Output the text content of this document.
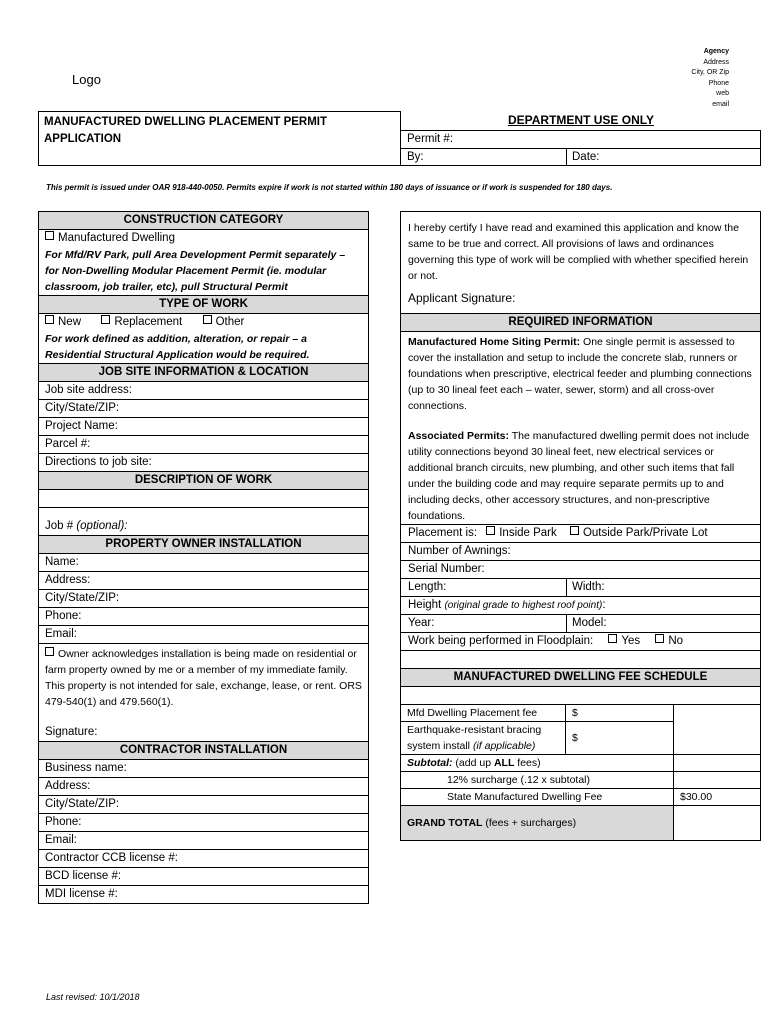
Logo
Agency
Address
City, OR Zip
Phone
web
email
MANUFACTURED DWELLING PLACEMENT PERMIT APPLICATION
DEPARTMENT USE ONLY
Permit #:
By:	Date:
This permit is issued under OAR 918-440-0050. Permits expire if work is not started within 180 days of issuance or if work is suspended for 180 days.
CONSTRUCTION CATEGORY
Manufactured Dwelling
For Mfd/RV Park, pull Area Development Permit separately – for Non-Dwelling Modular Placement Permit (ie. modular classroom, job trailer, etc), pull Structural Permit
TYPE OF WORK
New	Replacement	Other
For work defined as addition, alteration, or repair – a Residential Structural Application would be required.
JOB SITE INFORMATION & LOCATION
Job site address:
City/State/ZIP:
Project Name:
Parcel #:
Directions to job site:
DESCRIPTION OF WORK
Job # (optional):
PROPERTY OWNER INSTALLATION
Name:
Address:
City/State/ZIP:
Phone:
Email:
Owner acknowledges installation is being made on residential or farm property owned by me or a member of my immediate family. This property is not intended for sale, exchange, lease, or rent. ORS 479-540(1) and 479.560(1).
Signature:
CONTRACTOR INSTALLATION
Business name:
Address:
City/State/ZIP:
Phone:
Email:
Contractor CCB license #:
BCD license #:
MDI license #:
I hereby certify I have read and examined this application and know the same to be true and correct. All provisions of laws and ordinances governing this type of work will be complied with whether specified herein or not.
Applicant Signature:
REQUIRED INFORMATION
Manufactured Home Siting Permit: One single permit is assessed to cover the installation and setup to include the concrete slab, runners or foundations when prescriptive, electrical feeder and plumbing connections (up to 30 lineal feet each – water, sewer, storm) and all cross-over connections.
Associated Permits: The manufactured dwelling permit does not include utility connections beyond 30 lineal feet, new electrical services or additional branch circuits, new plumbing, and other such items that fall under the building code and may require separate permits up to and including decks, other accessory structures, and non-prescriptive foundations.
Placement is: Inside Park Outside Park/Private Lot
Number of Awnings:
Serial Number:
Length:	Width:
Height (original grade to highest roof point):
Year:	Model:
Work being performed in Floodplain: Yes No
MANUFACTURED DWELLING FEE SCHEDULE
Mfd Dwelling Placement fee	$	
Earthquake-resistant bracing system install (if applicable)	$	
Subtotal: (add up ALL fees)		
12% surcharge (.12 x subtotal)		
State Manufactured Dwelling Fee		$30.00
GRAND TOTAL (fees + surcharges)		
Last revised: 10/1/2018
